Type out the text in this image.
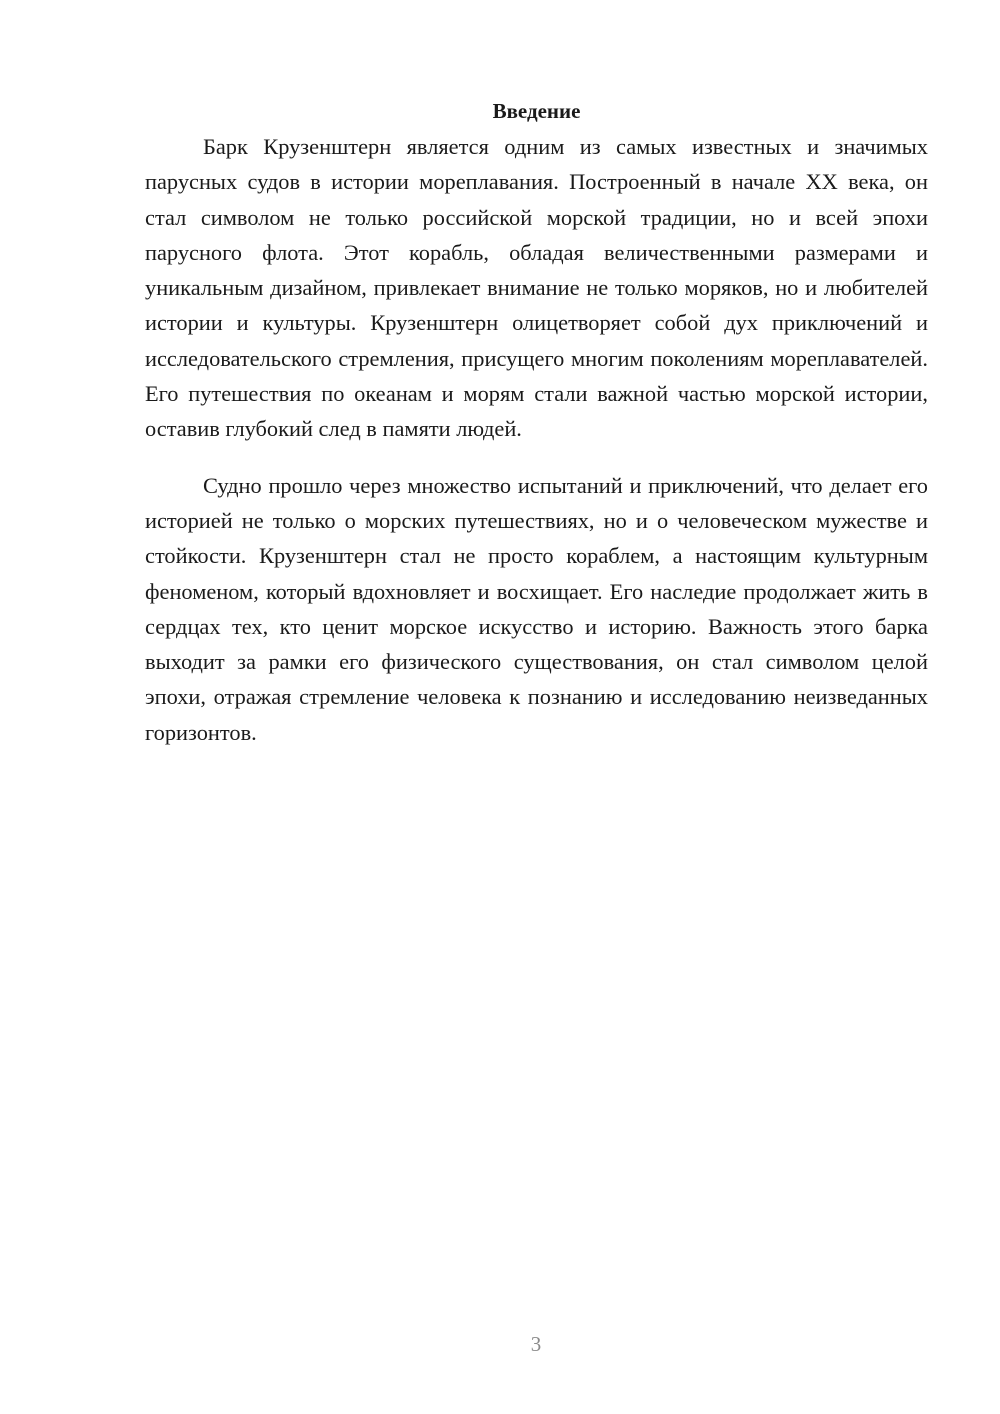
Введение

Барк Крузенштерн является одним из самых известных и значимых парусных судов в истории мореплавания. Построенный в начале XX века, он стал символом не только российской морской традиции, но и всей эпохи парусного флота. Этот корабль, обладая величественными размерами и уникальным дизайном, привлекает внимание не только моряков, но и любителей истории и культуры. Крузенштерн олицетворяет собой дух приключений и исследовательского стремления, присущего многим поколениям мореплавателей. Его путешествия по океанам и морям стали важной частью морской истории, оставив глубокий след в памяти людей.

Судно прошло через множество испытаний и приключений, что делает его историей не только о морских путешествиях, но и о человеческом мужестве и стойкости. Крузенштерн стал не просто кораблем, а настоящим культурным феноменом, который вдохновляет и восхищает. Его наследие продолжает жить в сердцах тех, кто ценит морское искусство и историю. Важность этого барка выходит за рамки его физического существования, он стал символом целой эпохи, отражая стремление человека к познанию и исследованию неизведанных горизонтов.

3
